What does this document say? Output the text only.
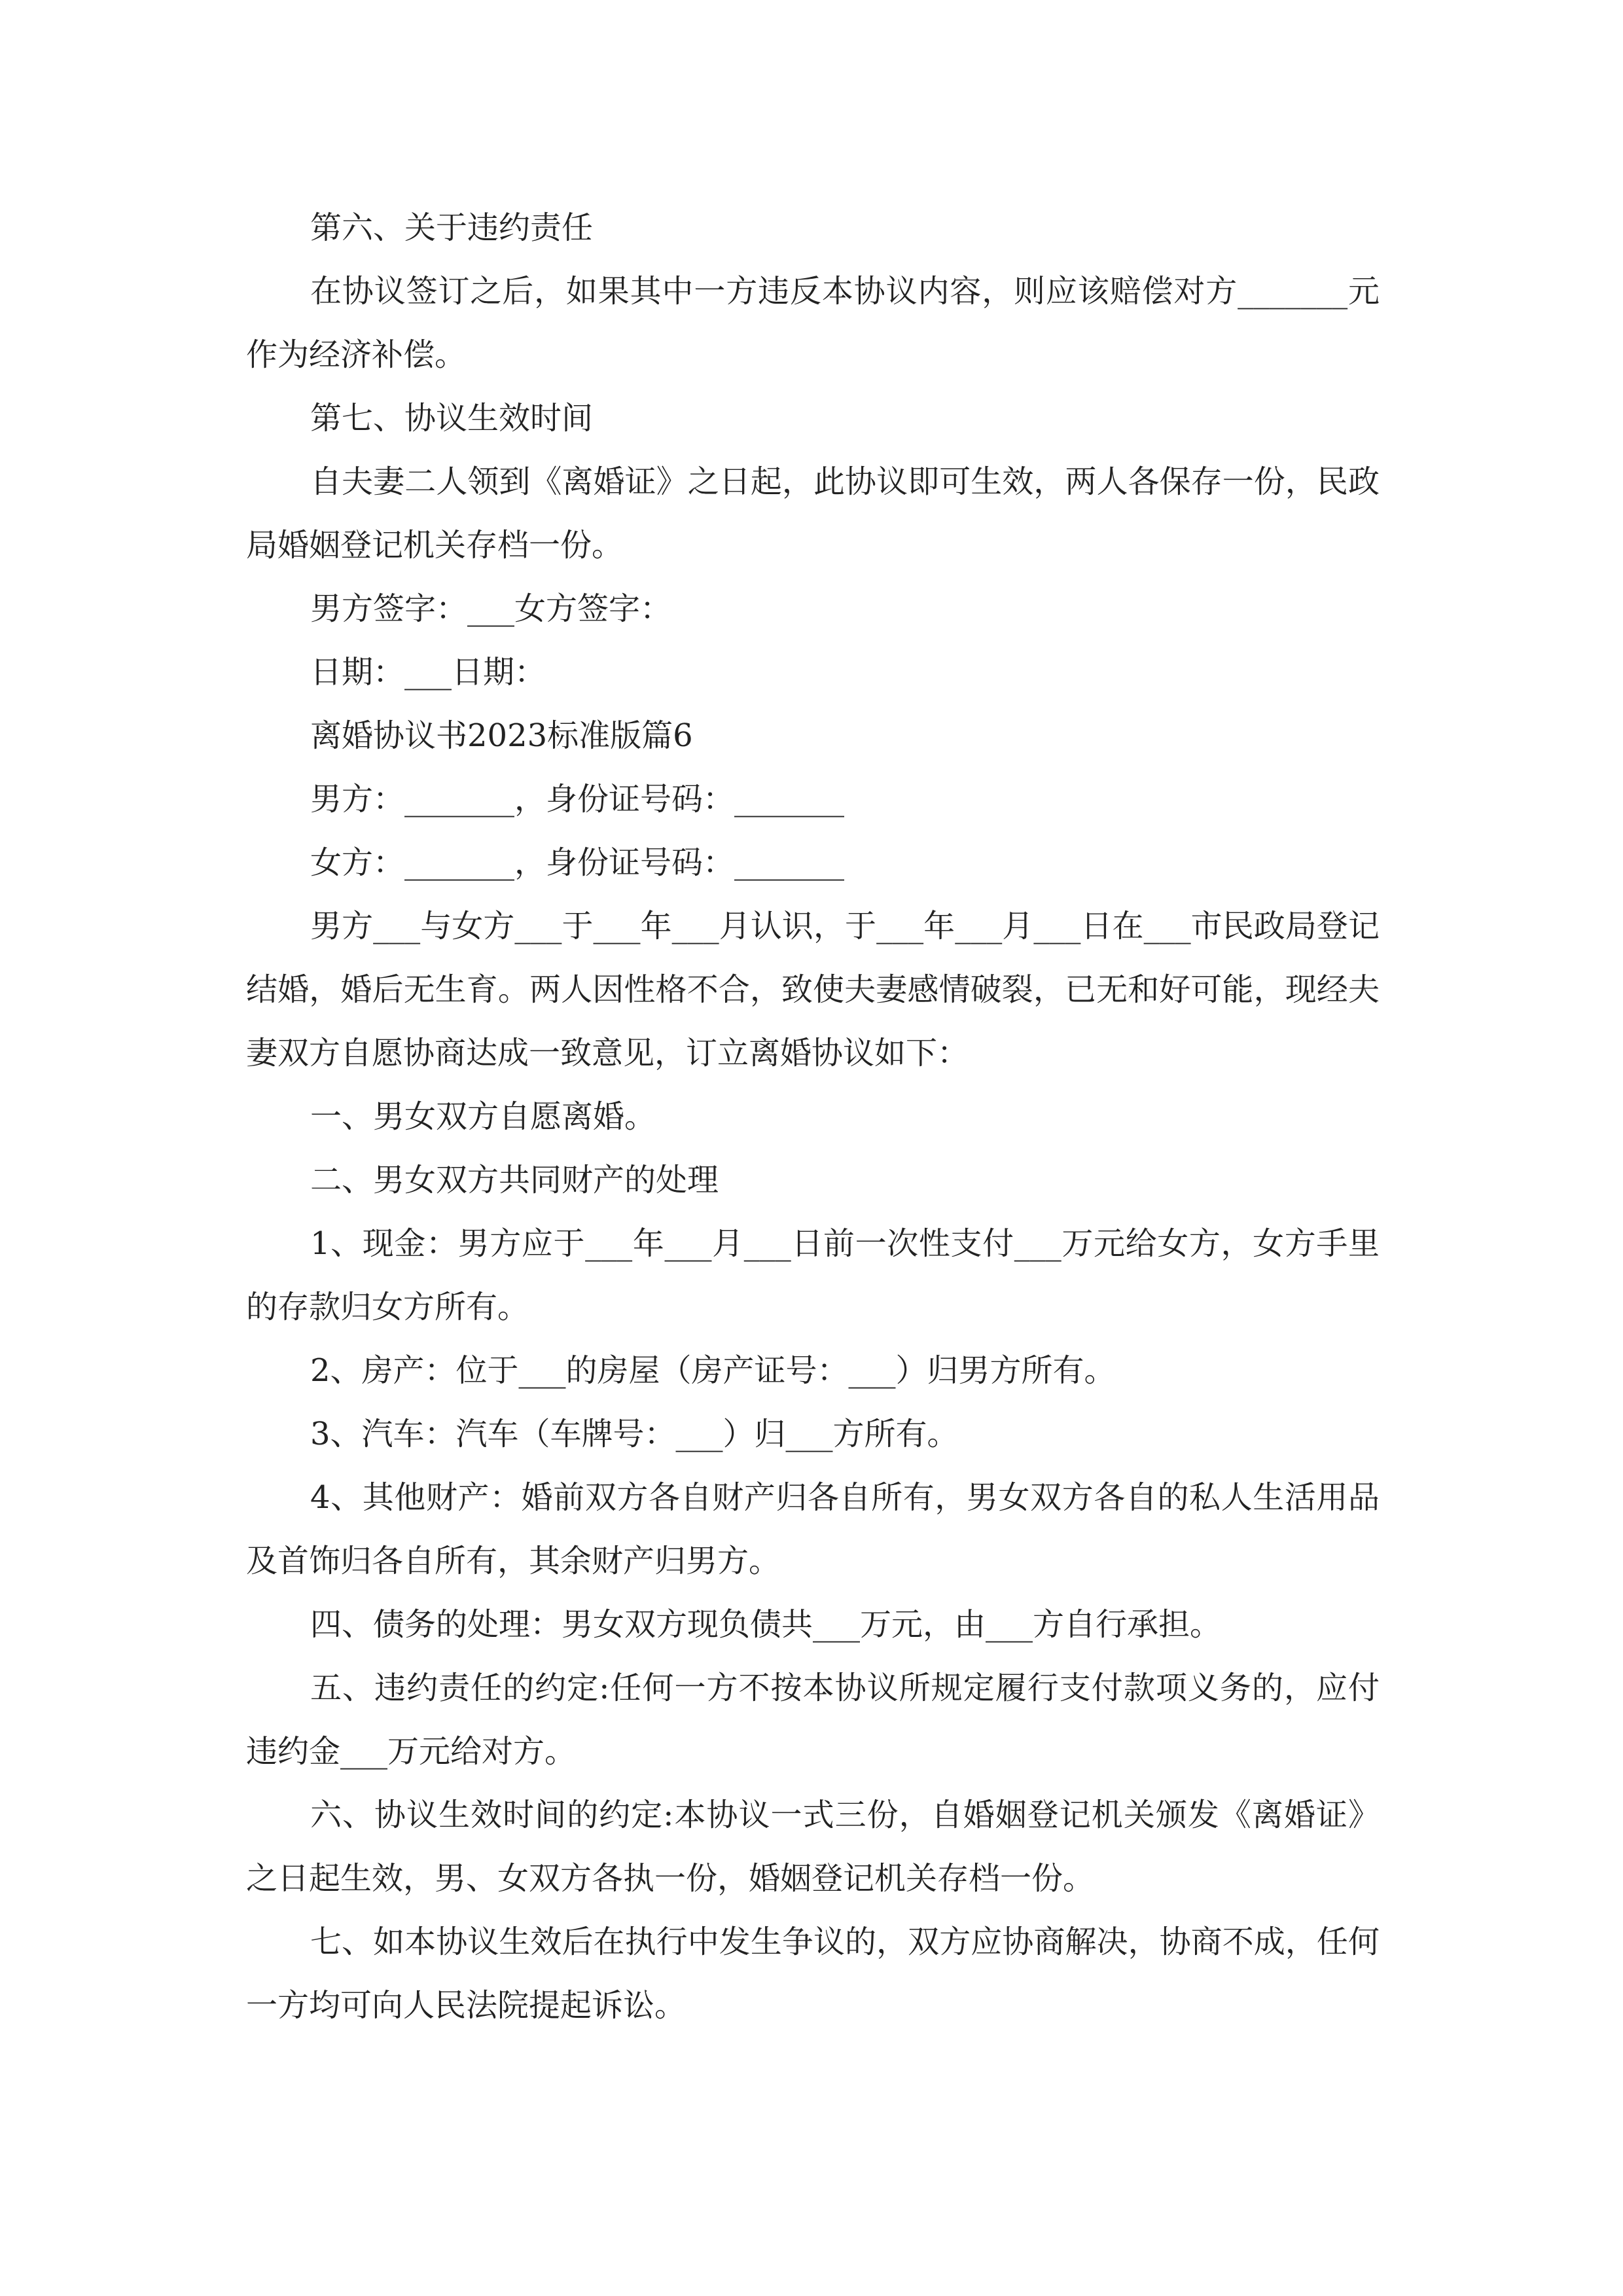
第六、关于违约责任

在协议签订之后，如果其中一方违反本协议内容，则应该赔偿对方_______元作为经济补偿。

第七、协议生效时间

自夫妻二人领到《离婚证》之日起，此协议即可生效，两人各保存一份，民政局婚姻登记机关存档一份。

男方签字：___女方签字：

日期：___日期：

离婚协议书2023标准版篇6

男方：_______，身份证号码：_______

女方：_______，身份证号码：_______

男方___与女方___于___年___月认识，于___年___月___日在___市民政局登记结婚，婚后无生育。两人因性格不合，致使夫妻感情破裂，已无和好可能，现经夫妻双方自愿协商达成一致意见，订立离婚协议如下：

一、男女双方自愿离婚。

二、男女双方共同财产的处理

1、现金：男方应于___年___月___日前一次性支付___万元给女方，女方手里的存款归女方所有。

2、房产：位于___的房屋（房产证号：___）归男方所有。

3、汽车：汽车（车牌号：___）归___方所有。

4、其他财产：婚前双方各自财产归各自所有，男女双方各自的私人生活用品及首饰归各自所有，其余财产归男方。

四、债务的处理：男女双方现负债共___万元，由___方自行承担。

五、违约责任的约定:任何一方不按本协议所规定履行支付款项义务的，应付违约金___万元给对方。

六、协议生效时间的约定:本协议一式三份，自婚姻登记机关颁发《离婚证》之日起生效，男、女双方各执一份，婚姻登记机关存档一份。

七、如本协议生效后在执行中发生争议的，双方应协商解决，协商不成，任何一方均可向人民法院提起诉讼。
